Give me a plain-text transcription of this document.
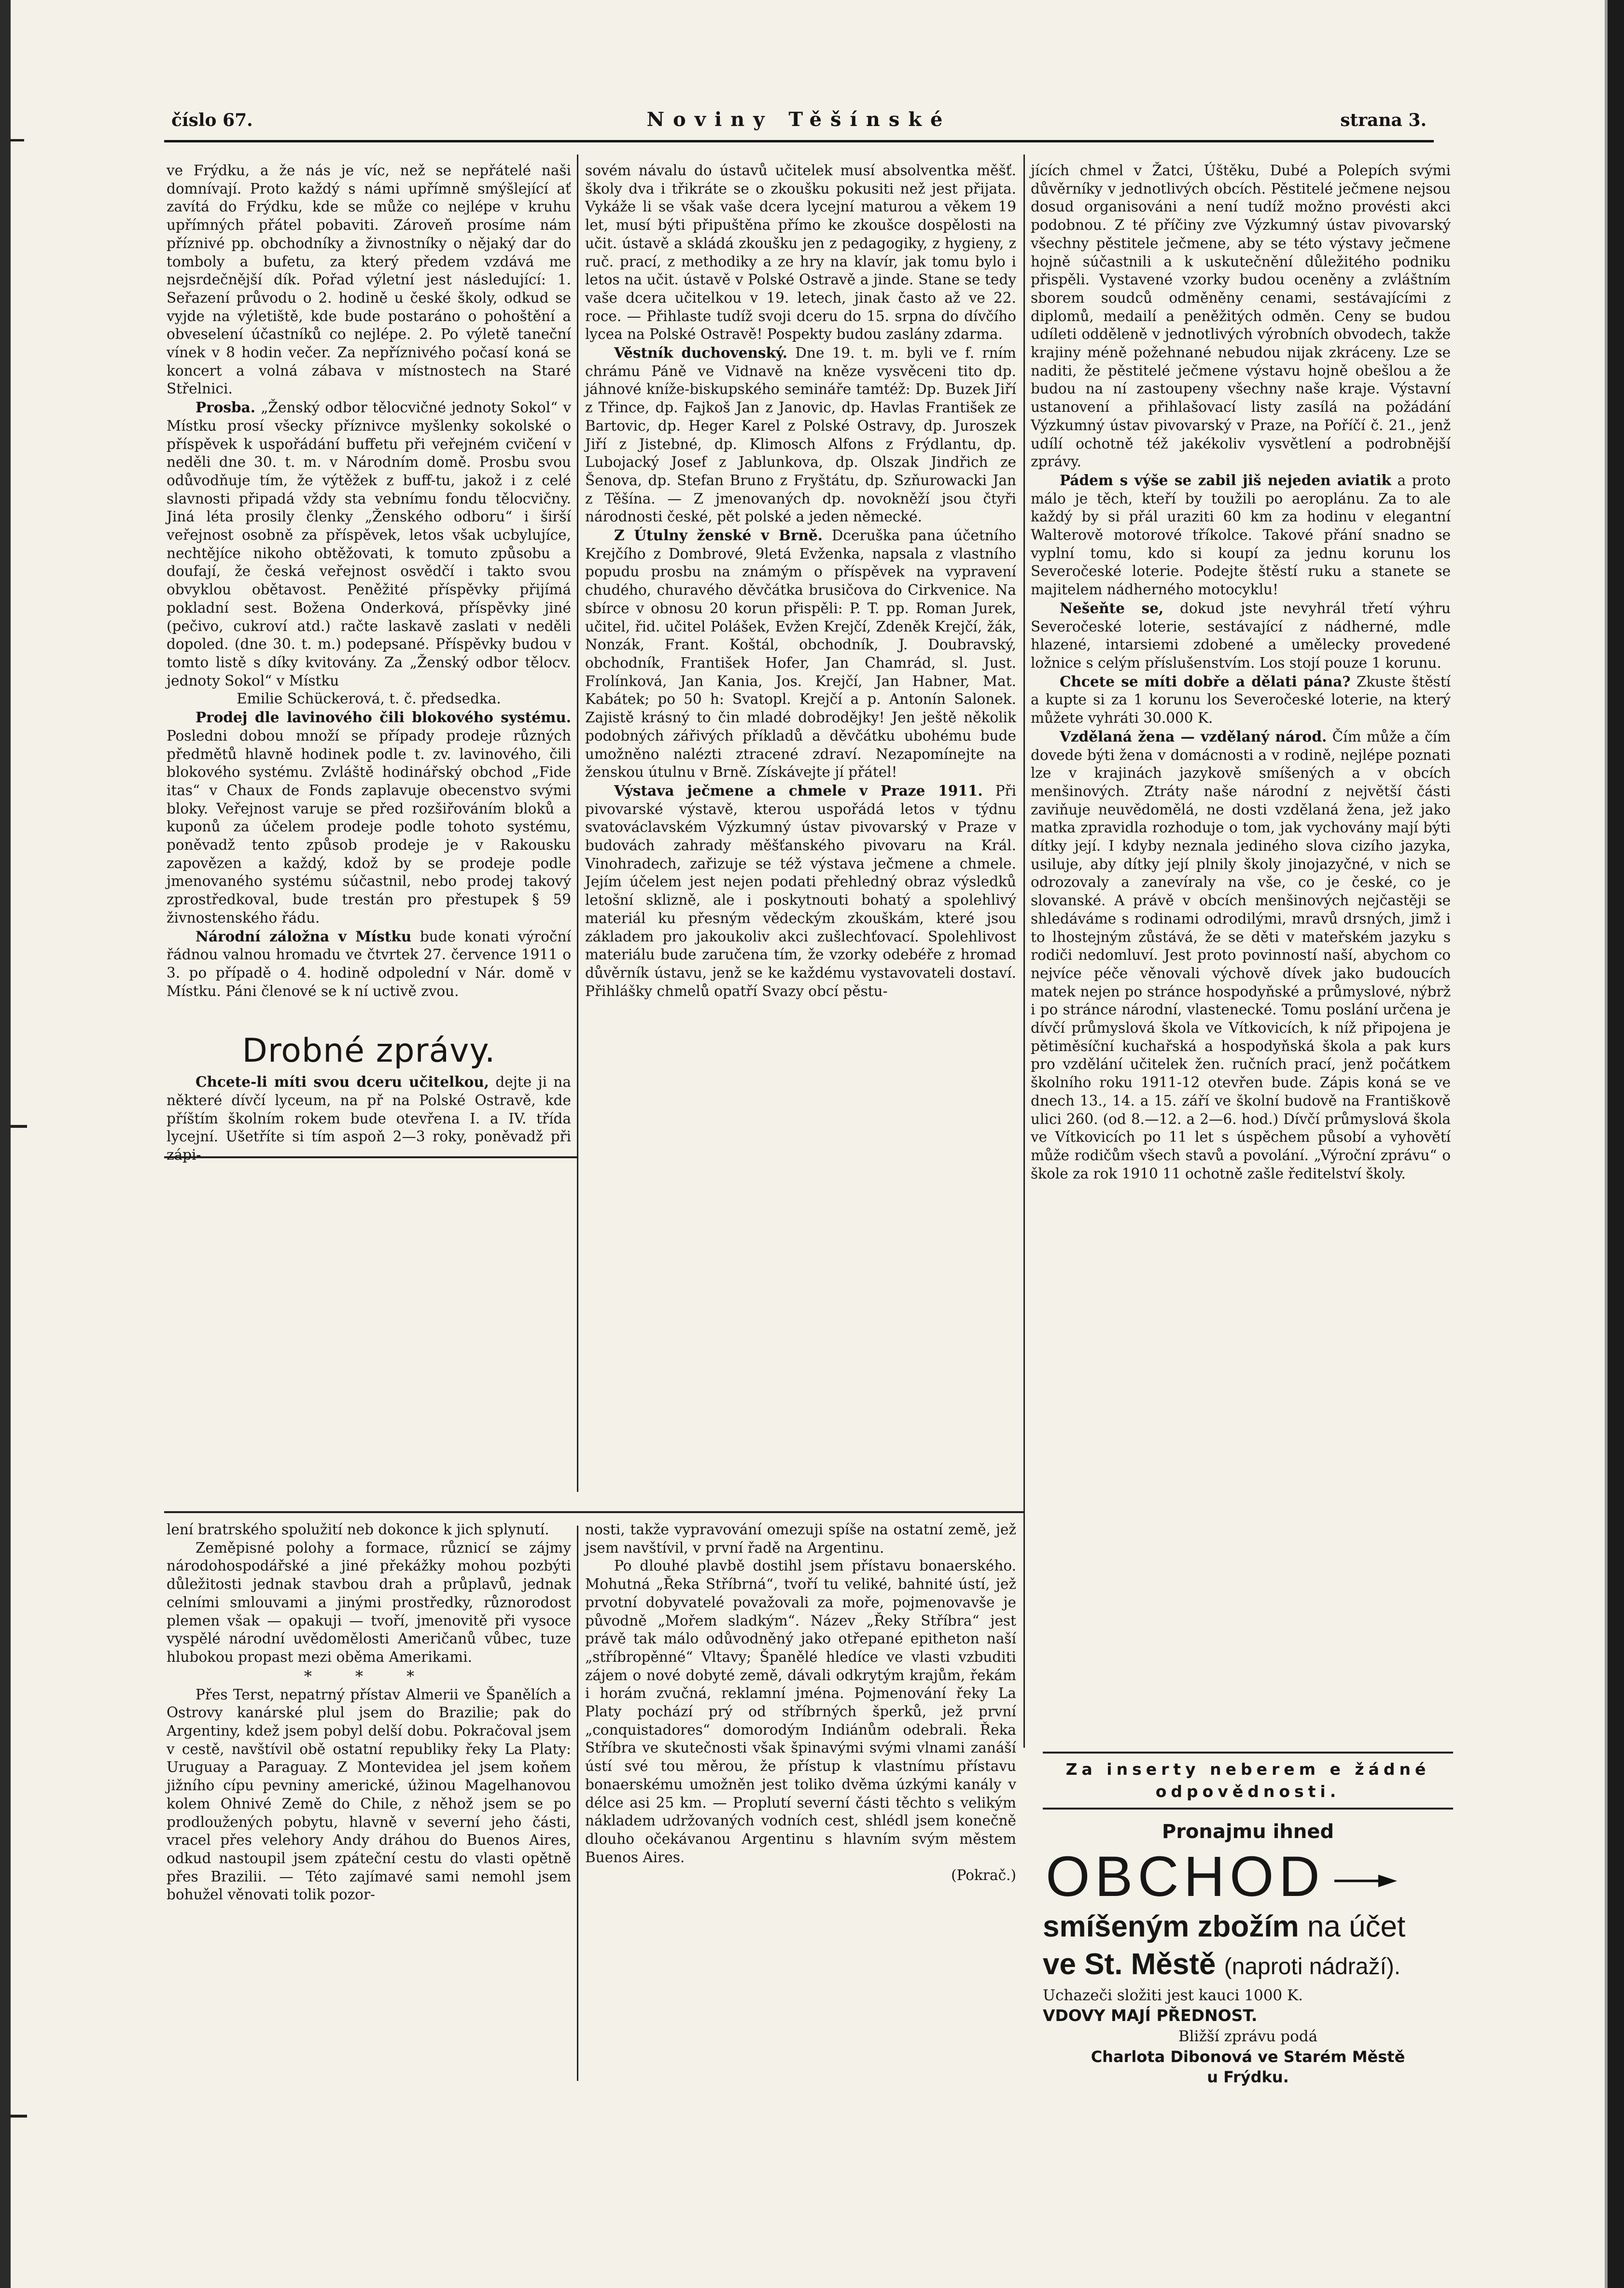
číslo 67.	Noviny Těšínské	strana 3.

ve Frýdku, a že nás je víc, než se nepřátelé naši domnívají. Proto každý s námi upřímně smýšlející ať zavítá do Frýdku, kde se může co nejlépe v kruhu upřímných přátel pobaviti. Zároveň prosíme nám příznivé pp. obchodníky a živnostníky o nějaký dar do tomboly a bufetu, za který předem vzdává me nejsrdečnější dík. Pořad výletní jest následující: 1. Seřazení průvodu o 2. hodině u české školy, odkud se vyjde na výletiště, kde bude postaráno o pohoštění a obveselení účastníků co nejlépe. 2. Po výletě taneční vínek v 8 hodin večer. Za nepříznivého počasí koná se koncert a volná zábava v místnostech na Staré Střelnici.

Prosba. „Ženský odbor tělocvičné jednoty Sokol“ v Místku prosí všecky příznivce myšlenky sokolské o příspěvek k uspořádání buffetu při veřejném cvičení v neděli dne 30. t. m. v Národním domě. Prosbu svou odůvodňuje tím, že výtěžek z buff-tu, jakož i z celé slavnosti připadá vždy sta vebnímu fondu tělocvičny. Jiná léta prosily členky „Ženského odboru“ i širší veřejnost osobně za příspěvek, letos však ucbylujíce, nechtějíce nikoho obtěžovati, k tomuto způsobu a doufají, že česká veřejnost osvědčí i takto svou obvyklou obětavost. Peněžité příspěvky přijímá pokladní sest. Božena Onderková, příspěvky jiné (pečivo, cukroví atd.) račte laskavě zaslati v neděli dopoled. (dne 30. t. m.) podepsané. Příspěvky budou v tomto listě s díky kvitovány. Za „Ženský odbor tělocv. jednoty Sokol“ v Místku

Emilie Schückerová, t. č. předsedka.

Prodej dle lavinového čili blokového systému. Posledni dobou množí se případy prodeje různých předmětů hlavně hodinek podle t. zv. lavinového, čili blokového systému. Zvláště hodinářský obchod „Fide itas“ v Chaux de Fonds zaplavuje obecenstvo svými bloky. Veřejnost varuje se před rozšiřováním bloků a kuponů za účelem prodeje podle tohoto systému, poněvadž tento způsob prodeje je v Rakousku zapovězen a každý, kdož by se prodeje podle jmenovaného systému súčastnil, nebo prodej takový zprostředkoval, bude trestán pro přestupek § 59 živnostenského řádu.

Národní záložna v Místku bude konati výroční řádnou valnou hromadu ve čtvrtek 27. července 1911 o 3. po případě o 4. hodině odpolední v Nár. domě v Místku. Páni členové se k ní uctivě zvou.

Drobné zprávy.

Chcete-li míti svou dceru učitelkou, dejte ji na některé dívčí lyceum, na př na Polské Ostravě, kde příštím školním rokem bude otevřena I. a IV. třída lycejní. Ušetříte si tím aspoň 2—3 roky, poněvadž při zápi-

sovém návalu do ústavů učitelek musí absolventka měšť. školy dva i třikráte se o zkoušku pokusiti než jest přijata. Vykáže li se však vaše dcera lycejní maturou a věkem 19 let, musí býti připuštěna přímo ke zkoušce dospělosti na učit. ústavě a skládá zkoušku jen z pedagogiky, z hygieny, z ruč. prací, z methodiky a ze hry na klavír, jak tomu bylo i letos na učit. ústavě v Polské Ostravě a jinde. Stane se tedy vaše dcera učitelkou v 19. letech, jinak často až ve 22. roce. — Přihlaste tudíž svoji dceru do 15. srpna do dívčího lycea na Polské Ostravě! Pospekty budou zaslány zdarma.

Věstník duchovenský. Dne 19. t. m. byli ve f. rním chrámu Páně ve Vidnavě na kněze vysvěceni tito dp. jáhnové kníže-biskupského semináře tamtéž: Dp. Buzek Jiří z Třince, dp. Fajkoš Jan z Janovic, dp. Havlas František ze Bartovic, dp. Heger Karel z Polské Ostravy, dp. Juroszek Jiří z Jistebné, dp. Klimosch Alfons z Frýdlantu, dp. Lubojacký Josef z Jablunkova, dp. Olszak Jindřich ze Šenova, dp. Stefan Bruno z Fryštátu, dp. Szňurowacki Jan z Těšína. — Z jmenovaných dp. novokněží jsou čtyři národnosti české, pět polské a jeden německé.

Z Útulny ženské v Brně. Dceruška pana účetního Krejčího z Dombrové, 9letá Evženka, napsala z vlastního popudu prosbu na známým o příspěvek na vypravení chudého, churavého děvčátka brusičova do Cirkvenice. Na sbírce v obnosu 20 korun přispěli: P. T. pp. Roman Jurek, učitel, řid. učitel Polášek, Evžen Krejčí, Zdeněk Krejčí, žák, Nonzák, Frant. Koštál, obchodník, J. Doubravský, obchodník, František Hofer, Jan Chamrád, sl. Just. Frolínková, Jan Kania, Jos. Krejčí, Jan Habner, Mat. Kabátek; po 50 h: Svatopl. Krejčí a p. Antonín Salonek. Zajistě krásný to čin mladé dobrodějky! Jen ještě několik podobných zářivých příkladů a děvčátku ubohému bude umožněno nalézti ztracené zdraví. Nezapomínejte na ženskou útulnu v Brně. Získávejte jí přátel!

Výstava ječmene a chmele v Praze 1911. Při pivovarské výstavě, kterou uspořádá letos v týdnu svatováclavském Výzkumný ústav pivovarský v Praze v budovách zahrady měšťanského pivovaru na Král. Vinohradech, zařizuje se též výstava ječmene a chmele. Jejím účelem jest nejen podati přehledný obraz výsledků letošní sklizně, ale i poskytnouti bohatý a spolehlivý materiál ku přesným vědeckým zkouškám, které jsou základem pro jakoukoliv akci zušlechťovací. Spolehlivost materiálu bude zaručena tím, že vzorky odebéře z hromad důvěrník ústavu, jenž se ke každému vystavovateli dostaví. Přihlášky chmelů opatří Svazy obcí pěstu-

jících chmel v Žatci, Úštěku, Dubé a Polepích svými důvěrníky v jednotlivých obcích. Pěstitelé ječmene nejsou dosud organisováni a není tudíž možno provésti akci podobnou. Z té příčiny zve Výzkumný ústav pivovarský všechny pěstitele ječmene, aby se této výstavy ječmene hojně súčastnili a k uskutečnění důležitého podniku přispěli. Vystavené vzorky budou oceněny a zvláštním sborem soudců odměněny cenami, sestávajícími z diplomů, medailí a peněžitých odměn. Ceny se budou udíleti odděleně v jednotlivých výrobních obvodech, takže krajiny méně požehnané nebudou nijak zkráceny. Lze se naditi, že pěstitelé ječmene výstavu hojně obešlou a že budou na ní zastoupeny všechny naše kraje. Výstavní ustanovení a přihlašovací listy zasílá na požádání Výzkumný ústav pivovarský v Praze, na Poříčí č. 21., jenž udílí ochotně též jakékoliv vysvětlení a podrobnější zprávy.

Pádem s výše se zabil jiš nejeden aviatik a proto málo je těch, kteří by toužili po aeroplánu. Za to ale každý by si přál uraziti 60 km za hodinu v elegantní Walterově motorové tříkolce. Takové přání snadno se vyplní tomu, kdo si koupí za jednu korunu los Severočeské loterie. Podejte štěstí ruku a stanete se majitelem nádherného motocyklu!

Nešeňte se, dokud jste nevyhrál třetí výhru Severočeské loterie, sestávající z nádherné, mdle hlazené, intarsiemi zdobené a umělecky provedené ložnice s celým příslušenstvím. Los stojí pouze 1 korunu.

Chcete se míti dobře a dělati pána? Zkuste štěstí a kupte si za 1 korunu los Severočeské loterie, na který můžete vyhráti 30.000 K.

Vzdělaná žena — vzdělaný národ. Čím může a čím dovede býti žena v domácnosti a v rodině, nejlépe poznati lze v krajinách jazykově smíšených a v obcích menšinových. Ztráty naše národní z největší části zaviňuje neuvědomělá, ne dosti vzdělaná žena, jež jako matka zpravidla rozhoduje o tom, jak vychovány mají býti dítky její. I kdyby neznala jediného slova cizího jazyka, usiluje, aby dítky její plnily školy jinojazyčné, v nich se odrozovaly a zanevíraly na vše, co je české, co je slovanské. A právě v obcích menšinových nejčastěji se shledáváme s rodinami odrodilými, mravů drsných, jimž i to lhostejným zůstává, že se děti v mateřském jazyku s rodiči nedomluví. Jest proto povinností naší, abychom co nejvíce péče věnovali výchově dívek jako budoucích matek nejen po stránce hospodyňské a průmyslové, nýbrž i po stránce národní, vlastenecké. Tomu poslání určena je dívčí průmyslová škola ve Vítkovicích, k níž připojena je pětiměsíční kuchařská a hospodyňská škola a pak kurs pro vzdělání učitelek žen. ručních prací, jenž počátkem školního roku 1911-12 otevřen bude. Zápis koná se ve dnech 13., 14. a 15. září ve školní budově na Františkově ulici 260. (od 8.—12. a 2—6. hod.) Dívčí průmyslová škola ve Vítkovicích po 11 let s úspěchem působí a vyhovětí může rodičům všech stavů a povolání. „Výroční zprávu“ o škole za rok 1910 11 ochotně zašle ředitelství školy.

lení bratrského spolužití neb dokonce k jich splynutí.

Zeměpisné polohy a formace, různicí se zájmy národohospodářské a jiné překážky mohou pozbýti důležitosti jednak stavbou drah a průplavů, jednak celními smlouvami a jinými prostředky, různorodost plemen však — opakuji — tvoří, jmenovitě při vysoce vyspělé národní uvědomělosti Američanů vůbec, tuze hlubokou propast mezi oběma Amerikami.

* * *

Přes Terst, nepatrný přístav Almerii ve Španělích a Ostrovy kanárské plul jsem do Brazilie; pak do Argentiny, kdež jsem pobyl delší dobu. Pokračoval jsem v cestě, navštívil obě ostatní republiky řeky La Platy: Uruguay a Paraguay. Z Montevidea jel jsem koňem jižního cípu pevniny americké, úžinou Magelhanovou kolem Ohnivé Země do Chile, z něhož jsem se po prodloužených pobytu, hlavně v severní jeho části, vracel přes velehory Andy dráhou do Buenos Aires, odkud nastoupil jsem zpáteční cestu do vlasti opětně přes Brazilii. — Této zajímavé sami nemohl jsem bohužel věnovati tolik pozor-

nosti, takže vypravování omezuji spíše na ostatní země, jež jsem navštívil, v první řadě na Argentinu.

Po dlouhé plavbě dostihl jsem přístavu bonaerského. Mohutná „Řeka Stříbrná“, tvoří tu veliké, bahnité ústí, jež prvotní dobyvatelé považovali za moře, pojmenovavše je původně „Mořem sladkým“. Název „Řeky Stříbra“ jest právě tak málo odůvodněný jako otřepané epitheton naší „stříbropěnné“ Vltavy; Španělé hledíce ve vlasti vzbuditi zájem o nové dobyté země, dávali odkrytým krajům, řekám i horám zvučná, reklamní jména. Pojmenování řeky La Platy pochází prý od stříbrných šperků, jež první „conquistadores“ domorodým Indiánům odebrali. Řeka Stříbra ve skutečnosti však špinavými svými vlnami zanáší ústí své tou měrou, že přístup k vlastnímu přístavu bonaerskému umožněn jest toliko dvěma úzkými kanály v délce asi 25 km. — Proplutí severní části těchto s velikým nákladem udržovaných vodních cest, shlédl jsem konečně dlouho očekávanou Argentinu s hlavním svým městem Buenos Aires.

(Pokrač.)

Za inserty neberem e žádné odpovědnosti.
Pronajmu ihned
OBCHOD
smíšeným zbožím na účet
ve St. Městě (naproti nádraží).
Uchazeči složiti jest kauci 1000 K.
VDOVY MAJÍ PŘEDNOST.
Bližší zprávu podá
Charlota Dibonová ve Starém Městě
u Frýdku.
